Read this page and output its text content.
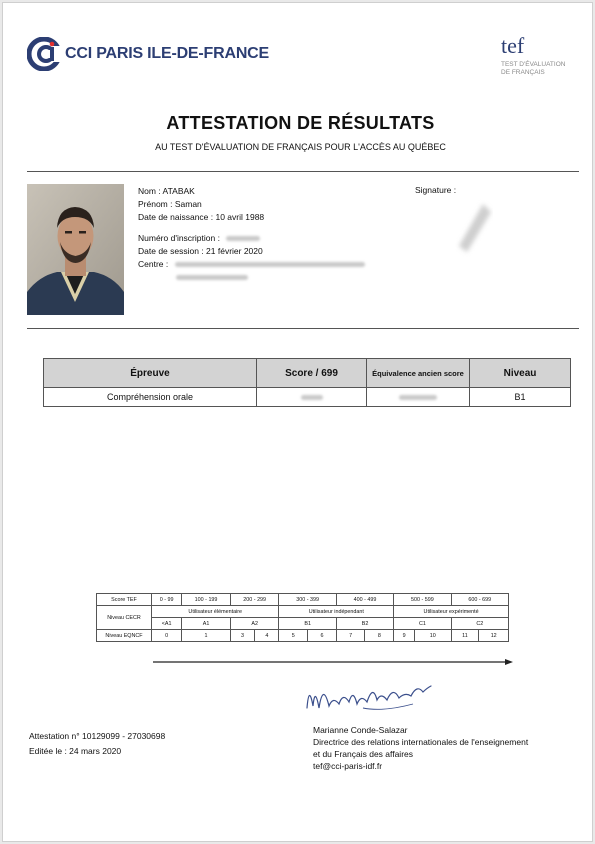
CCI PARIS ILE-DE-FRANCE	tef
TEST D'ÉVALUATION
DE FRANÇAIS
ATTESTATION DE RÉSULTATS
AU TEST D'ÉVALUATION DE FRANÇAIS POUR L'ACCÈS AU QUÉBEC
Nom : ATABAK
Prénom : Saman
Date de naissance : 10 avril 1988
Numéro d'inscription :
Date de session : 21 février 2020
Centre :
Signature :
Épreuve	Score / 699	Équivalence ancien score	Niveau
Compréhension orale			B1
Score TEF	0 - 99	100 - 199	200 - 299		300 - 399		400 - 499		500 - 599		600 - 699	
Niveau CECR	Utilisateur élémentaire				Utilisateur indépendant				Utilisateur expérimenté			
	<A1	A1	A2		B1		B2		C1		C2	
Niveau EQNCF	0	1	3	4	5	6	7	8	9	10	11	12
Marianne Conde-Salazar
Directrice des relations internationales de l'enseignement
et du Français des affaires
tef@cci-paris-idf.fr
Attestation n° 10129099 - 27030698
Editée le : 24 mars 2020
